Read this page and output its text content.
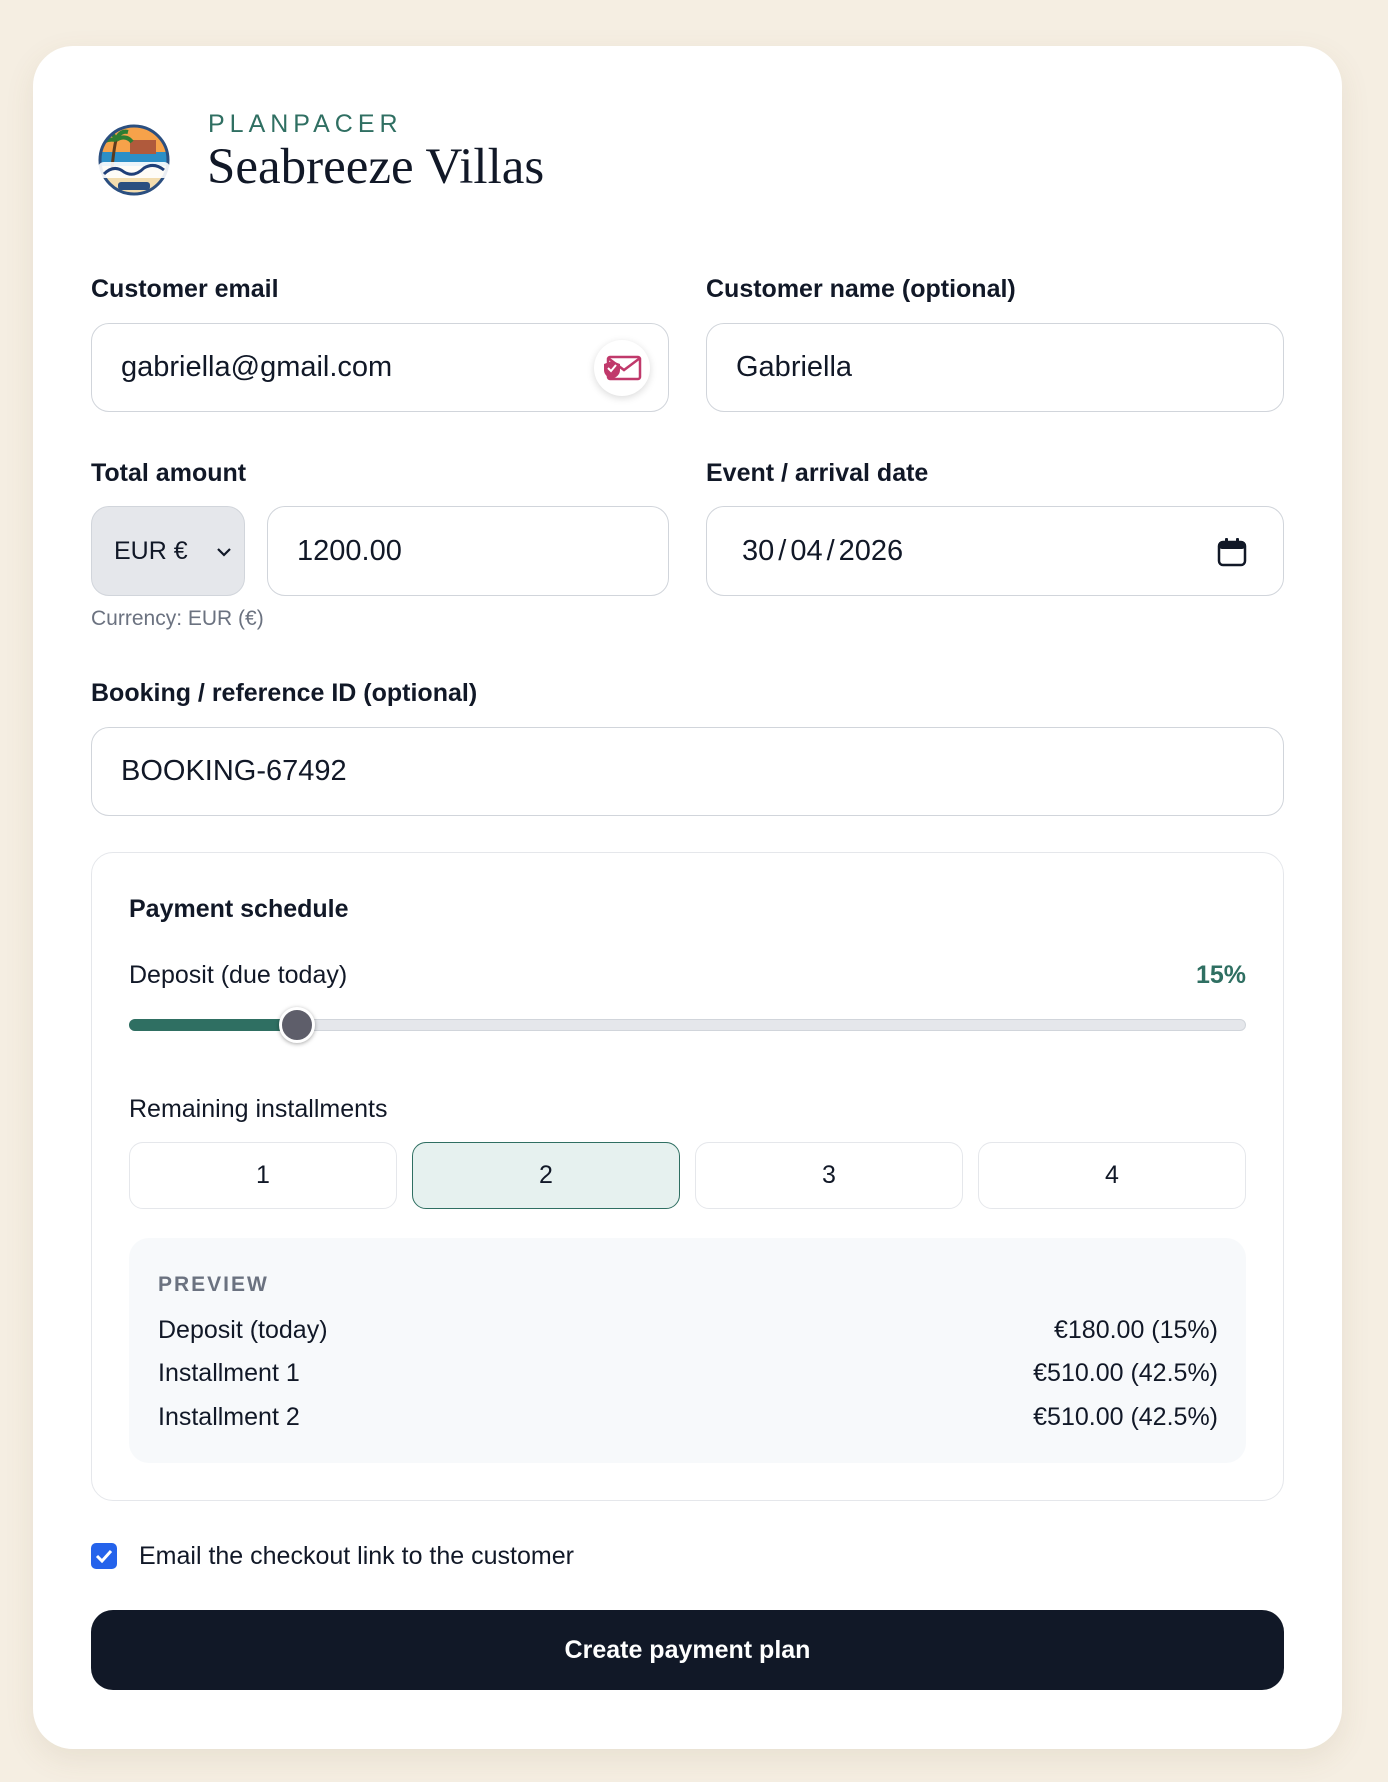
PLANPACER
Seabreeze Villas
Customer email
gabriella@gmail.com
Customer name (optional)
Gabriella
Total amount
EUR €	1200.00
Currency: EUR (€)
Event / arrival date
30 / 04 / 2026
Booking / reference ID (optional)
BOOKING-67492
Payment schedule
Deposit (due today)	15%
Remaining installments
1	2	3	4
PREVIEW
Deposit (today)	€180.00 (15%)
Installment 1	€510.00 (42.5%)
Installment 2	€510.00 (42.5%)
Email the checkout link to the customer
Create payment plan
